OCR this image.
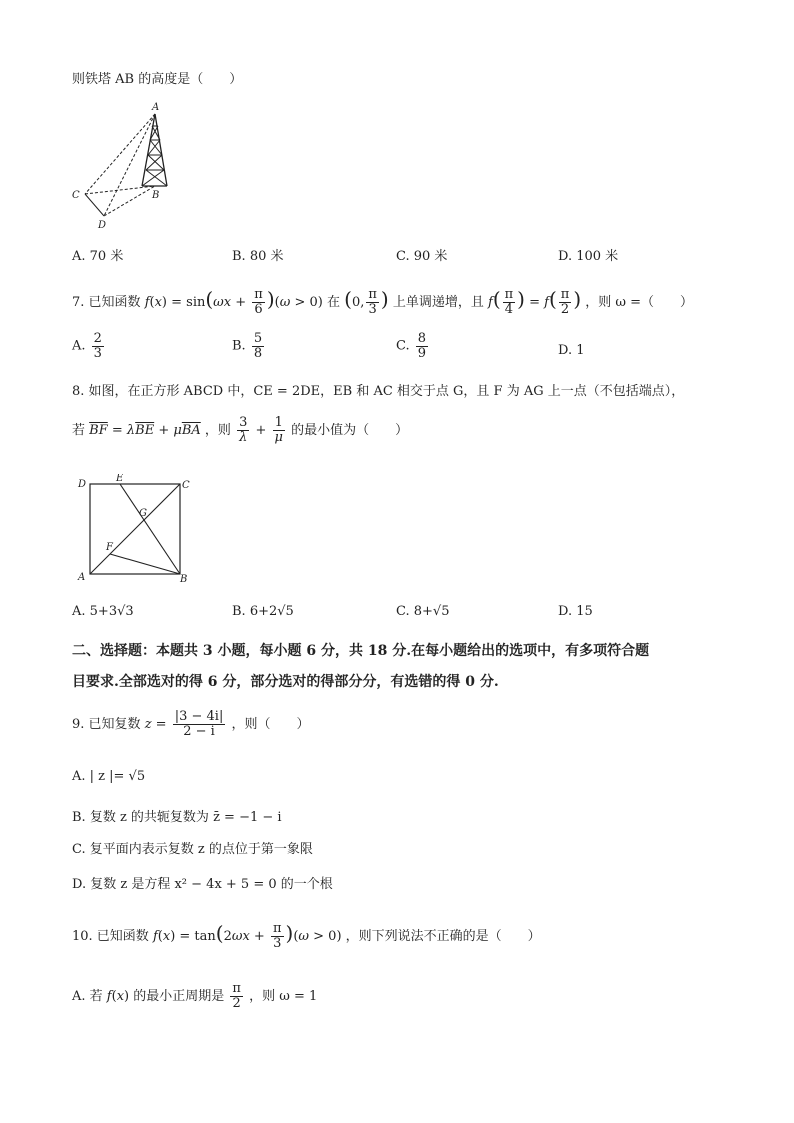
则铁塔 AB 的高度是（　　）
A
B
C
D
A. 70 米	B. 80 米	C. 90 米	D. 100 米
7. 已知函数 $f(x) = \sin(\omega x + \frac{\pi}{6} )(\omega > 0)$ 在 (0, $\frac{\pi}{3}$ ) 上单调递增，且 $f( \frac{\pi}{4}$ ) = $f( \frac{\pi}{2}$ ) ，则 ω =（　　）
A. $\frac{2}{3}$	B. $\frac{5}{8}$	C. $\frac{8}{9}$	D. 1
8. 如图，在正方形 ABCD 中，CE = 2DE，EB 和 AC 相交于点 G，且 F 为 AG 上一点（不包括端点），
若 $\overline{BF} = \lambda\overline{BE} + \mu\overline{BA}$ ，则 $\frac{3}{\lambda} + \frac{1}{\mu}$ 的最小值为（　　）
D
E
C
G
F
A	B
A. 5+3√3	B. 6+2√5	C. 8+√5	D. 15
二、选择题：本题共 3 小题，每小题 6 分，共 18 分.在每小题给出的选项中，有多项符合题
目要求.全部选对的得 6 分，部分选对的得部分分，有选错的得 0 分.
9. 已知复数 $z = \frac{|3 - 4i|}{2 - i}$ ，则（　　）
A. | z |= √5
B. 复数 z 的共轭复数为 z̄ = −1 − i
C. 复平面内表示复数 z 的点位于第一象限
D. 复数 z 是方程 x² − 4x + 5 = 0 的一个根
10. 已知函数 $f(x) = \tan(2\omega x + \frac{\pi}{3} )(\omega > 0)$ ，则下列说法不正确的是（　　）
A. 若 f(x) 的最小正周期是 $\frac{\pi}{2}$ ，则 ω = 1
